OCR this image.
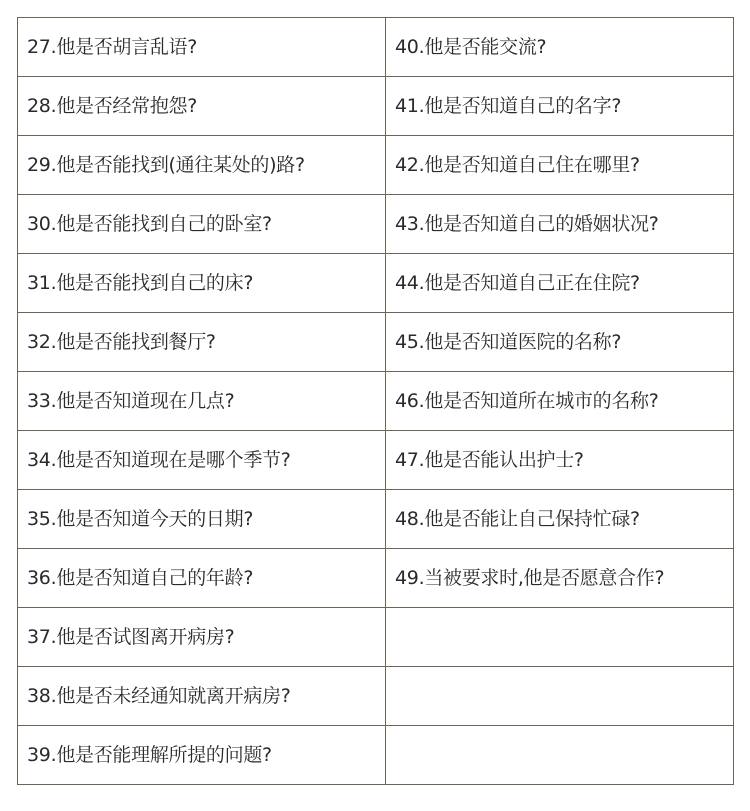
27.他是否胡言乱语?	40.他是否能交流?
28.他是否经常抱怨?	41.他是否知道自己的名字?
29.他是否能找到(通往某处的)路?	42.他是否知道自己住在哪里?
30.他是否能找到自己的卧室?	43.他是否知道自己的婚姻状况?
31.他是否能找到自己的床?	44.他是否知道自己正在住院?
32.他是否能找到餐厅?	45.他是否知道医院的名称?
33.他是否知道现在几点?	46.他是否知道所在城市的名称?
34.他是否知道现在是哪个季节?	47.他是否能认出护士?
35.他是否知道今天的日期?	48.他是否能让自己保持忙碌?
36.他是否知道自己的年龄?	49.当被要求时,他是否愿意合作?
37.他是否试图离开病房?	
38.他是否未经通知就离开病房?	
39.他是否能理解所提的问题?	
